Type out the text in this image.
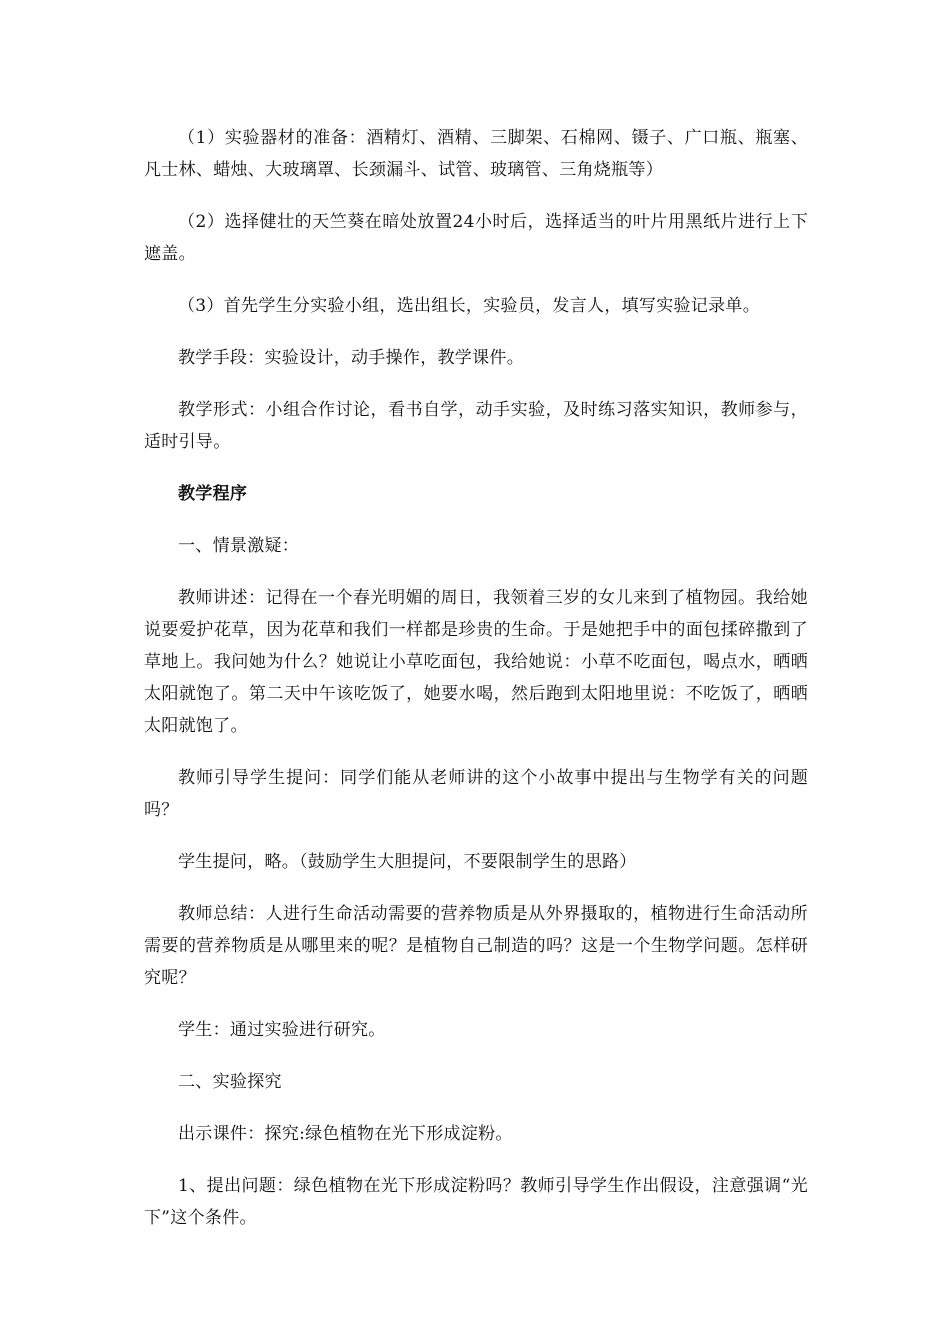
（1）实验器材的准备：酒精灯、酒精、三脚架、石棉网、镊子、广口瓶、瓶塞、凡士林、蜡烛、大玻璃罩、长颈漏斗、试管、玻璃管、三角烧瓶等）

（2）选择健壮的天竺葵在暗处放置24小时后，选择适当的叶片用黑纸片进行上下遮盖。

（3）首先学生分实验小组，选出组长，实验员，发言人，填写实验记录单。

教学手段：实验设计，动手操作，教学课件。

教学形式：小组合作讨论，看书自学，动手实验，及时练习落实知识，教师参与，适时引导。

教学程序

一、情景激疑：

教师讲述：记得在一个春光明媚的周日，我领着三岁的女儿来到了植物园。我给她说要爱护花草，因为花草和我们一样都是珍贵的生命。于是她把手中的面包揉碎撒到了草地上。我问她为什么？她说让小草吃面包，我给她说：小草不吃面包，喝点水，晒晒太阳就饱了。第二天中午该吃饭了，她要水喝，然后跑到太阳地里说：不吃饭了，晒晒太阳就饱了。

教师引导学生提问：同学们能从老师讲的这个小故事中提出与生物学有关的问题吗？

学生提问，略。（鼓励学生大胆提问，不要限制学生的思路）

教师总结：人进行生命活动需要的营养物质是从外界摄取的，植物进行生命活动所需要的营养物质是从哪里来的呢？是植物自己制造的吗？这是一个生物学问题。怎样研究呢？

学生：通过实验进行研究。

二、实验探究

出示课件：探究:绿色植物在光下形成淀粉。

1、提出问题：绿色植物在光下形成淀粉吗？教师引导学生作出假设，注意强调“光下”这个条件。
